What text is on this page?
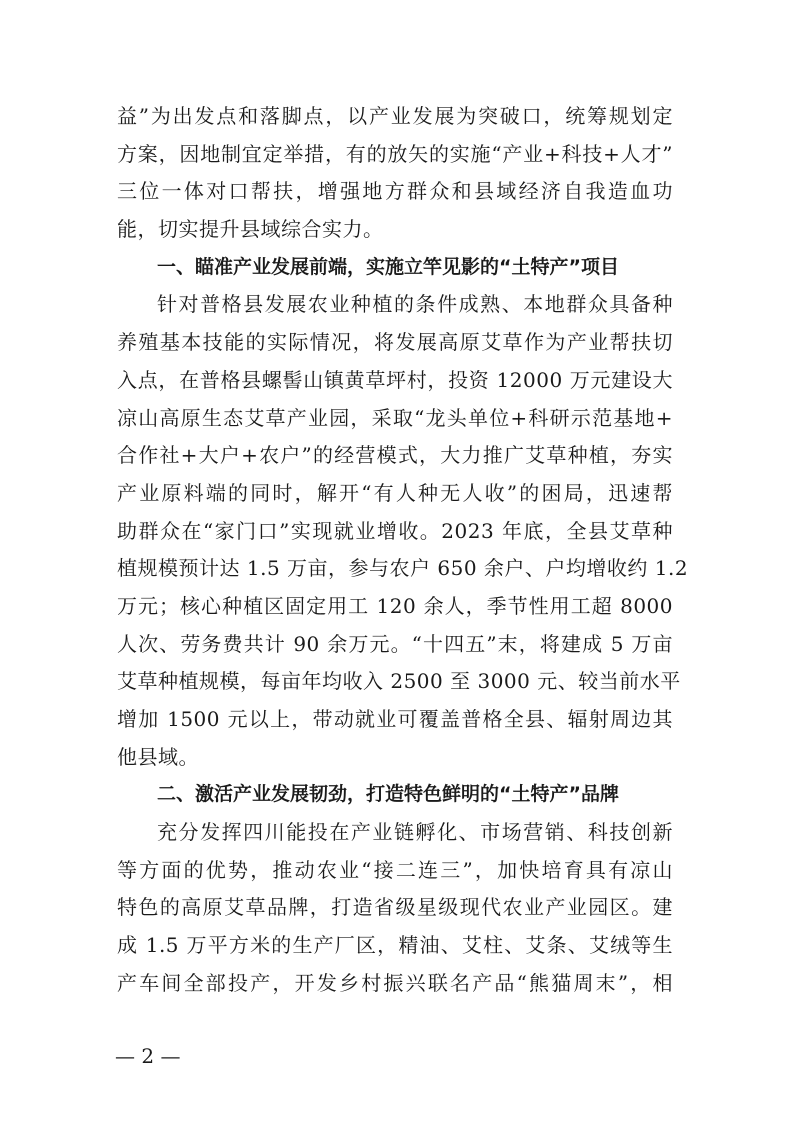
益”为出发点和落脚点，以产业发展为突破口，统筹规划定
方案，因地制宜定举措，有的放矢的实施“产业+科技+人才”
三位一体对口帮扶，增强地方群众和县域经济自我造血功
能，切实提升县域综合实力。
一、瞄准产业发展前端，实施立竿见影的“土特产”项目
针对普格县发展农业种植的条件成熟、本地群众具备种
养殖基本技能的实际情况，将发展高原艾草作为产业帮扶切
入点，在普格县螺髻山镇黄草坪村，投资 12000 万元建设大
凉山高原生态艾草产业园，采取“龙头单位+科研示范基地+
合作社+大户+农户”的经营模式，大力推广艾草种植，夯实
产业原料端的同时，解开“有人种无人收”的困局，迅速帮
助群众在“家门口”实现就业增收。2023 年底，全县艾草种
植规模预计达 1.5 万亩，参与农户 650 余户、户均增收约 1.2
万元；核心种植区固定用工 120 余人，季节性用工超 8000
人次、劳务费共计 90 余万元。“十四五”末，将建成 5 万亩
艾草种植规模，每亩年均收入 2500 至 3000 元、较当前水平
增加 1500 元以上，带动就业可覆盖普格全县、辐射周边其
他县域。
二、激活产业发展韧劲，打造特色鲜明的“土特产”品牌
充分发挥四川能投在产业链孵化、市场营销、科技创新
等方面的优势，推动农业“接二连三”，加快培育具有凉山
特色的高原艾草品牌，打造省级星级现代农业产业园区。建
成 1.5 万平方米的生产厂区，精油、艾柱、艾条、艾绒等生
产车间全部投产，开发乡村振兴联名产品“熊猫周末”，相
— 2 —
